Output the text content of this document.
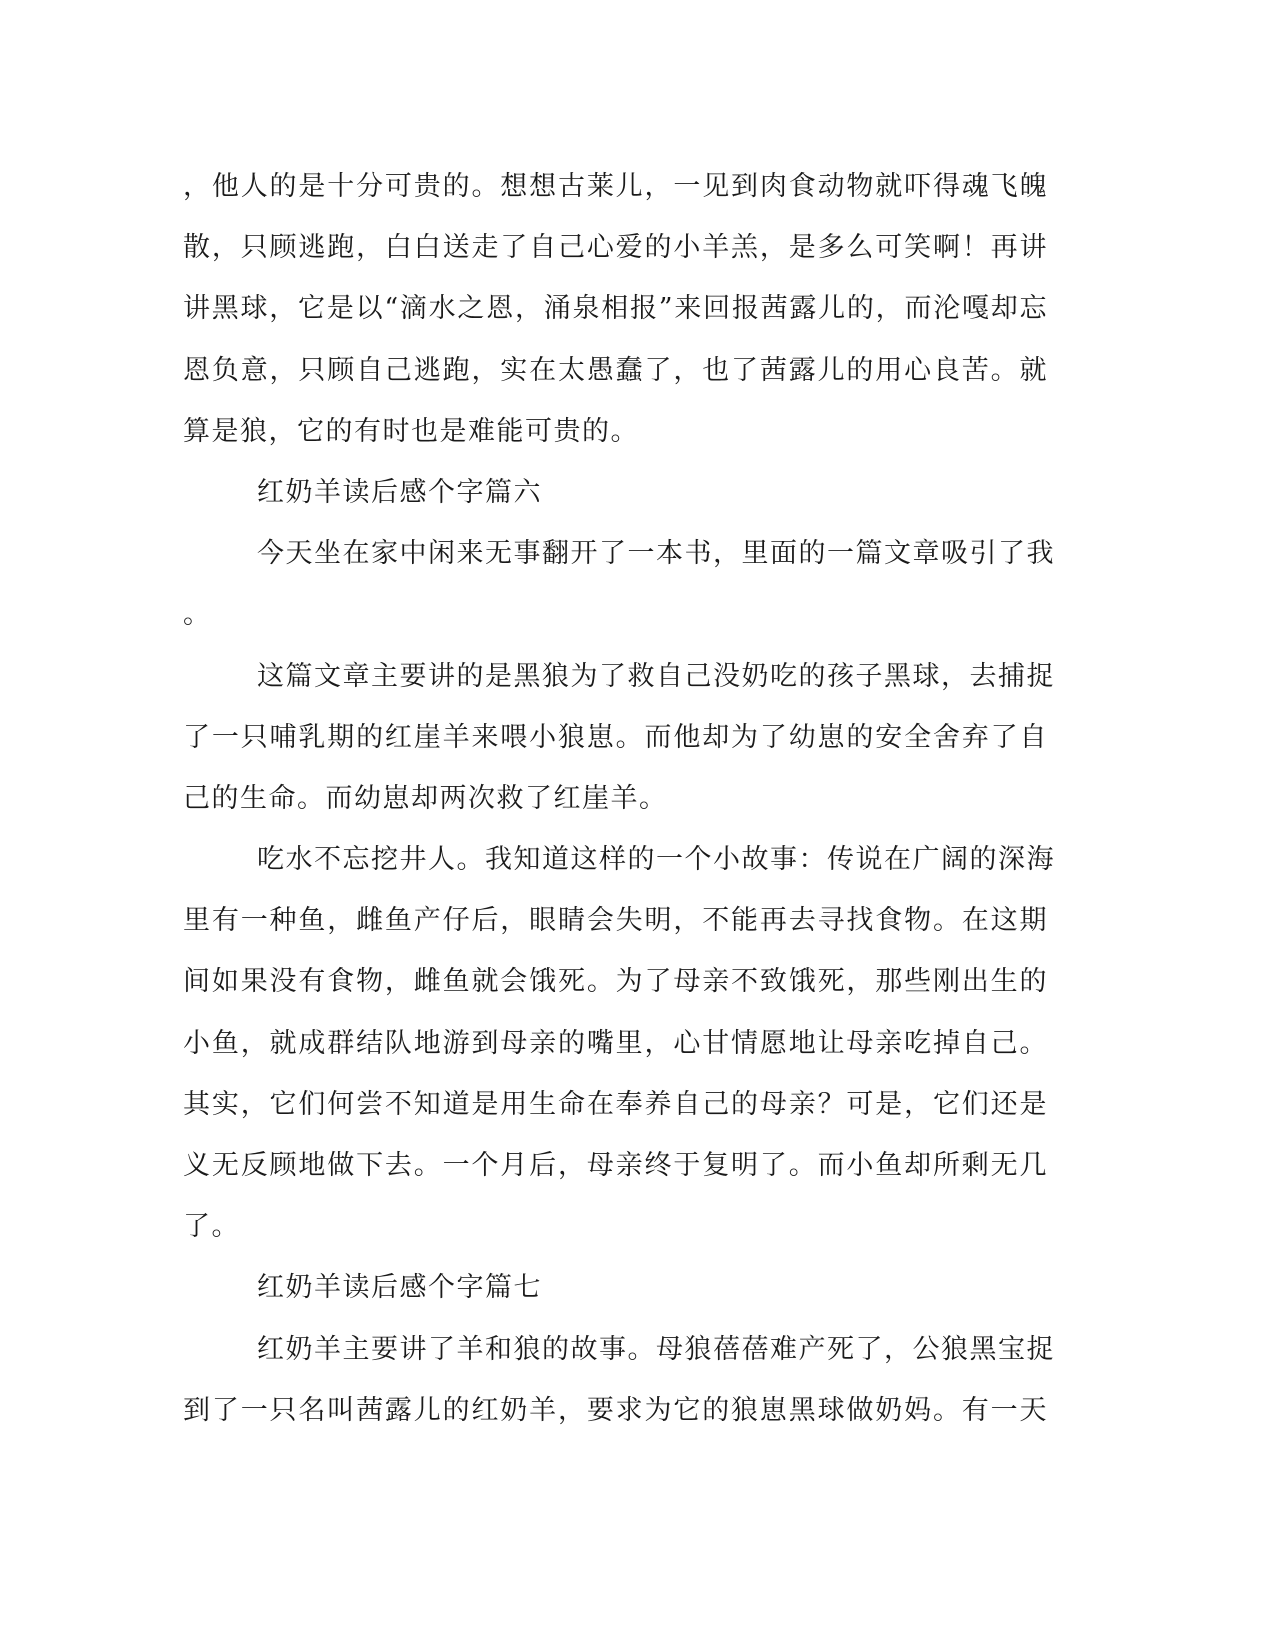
，他人的是十分可贵的。想想古莱儿，一见到肉食动物就吓得魂飞魄
散，只顾逃跑，白白送走了自己心爱的小羊羔，是多么可笑啊！再讲
讲黑球，它是以“滴水之恩，涌泉相报”来回报茜露儿的，而沦嘎却忘
恩负意，只顾自己逃跑，实在太愚蠢了，也了茜露儿的用心良苦。就
算是狼，它的有时也是难能可贵的。
红奶羊读后感个字篇六
今天坐在家中闲来无事翻开了一本书，里面的一篇文章吸引了我
。
这篇文章主要讲的是黑狼为了救自己没奶吃的孩子黑球，去捕捉
了一只哺乳期的红崖羊来喂小狼崽。而他却为了幼崽的安全舍弃了自
己的生命。而幼崽却两次救了红崖羊。
吃水不忘挖井人。我知道这样的一个小故事：传说在广阔的深海
里有一种鱼，雌鱼产仔后，眼睛会失明，不能再去寻找食物。在这期
间如果没有食物，雌鱼就会饿死。为了母亲不致饿死，那些刚出生的
小鱼，就成群结队地游到母亲的嘴里，心甘情愿地让母亲吃掉自己。
其实，它们何尝不知道是用生命在奉养自己的母亲？可是，它们还是
义无反顾地做下去。一个月后，母亲终于复明了。而小鱼却所剩无几
了。
红奶羊读后感个字篇七
红奶羊主要讲了羊和狼的故事。母狼蓓蓓难产死了，公狼黑宝捉
到了一只名叫茜露儿的红奶羊，要求为它的狼崽黑球做奶妈。有一天
